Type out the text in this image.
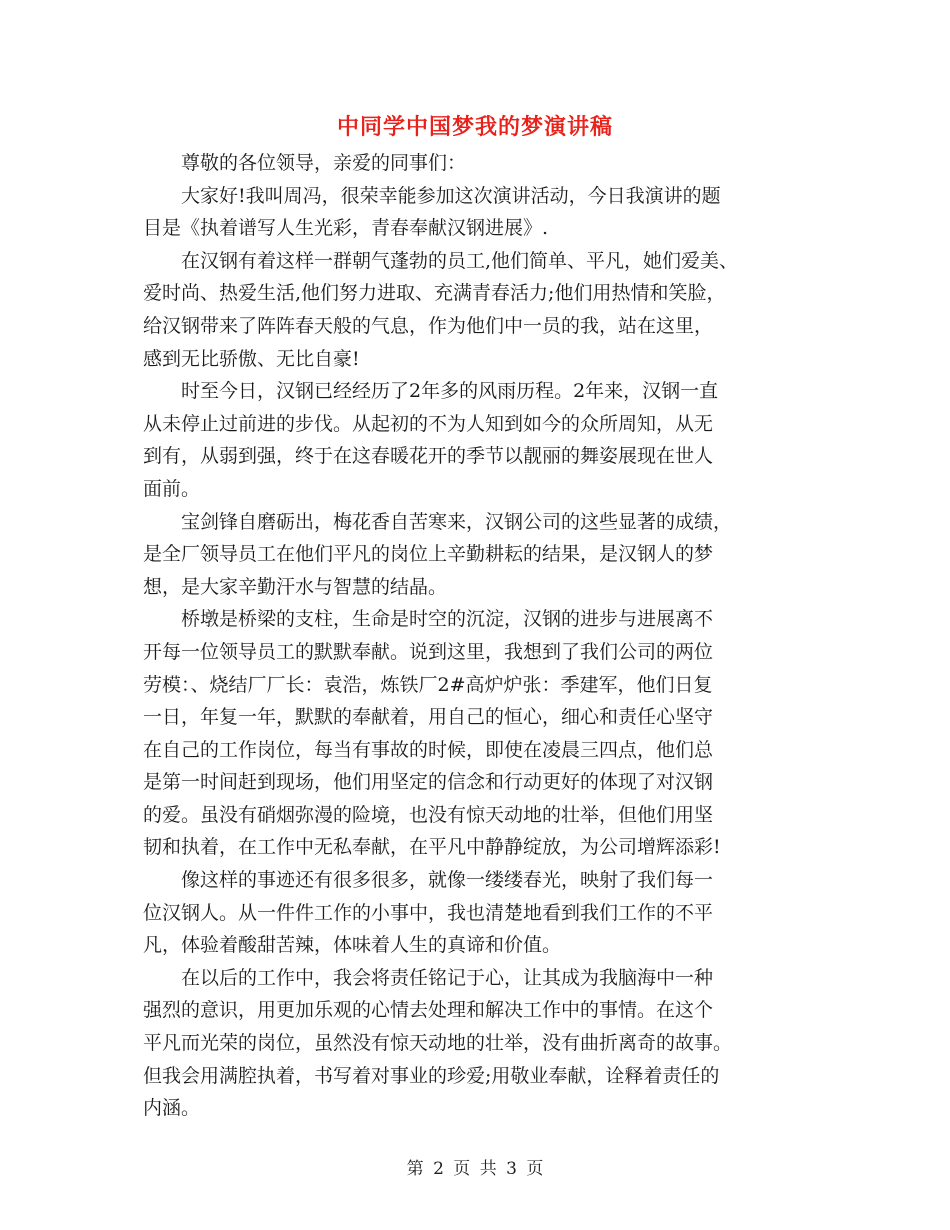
中同学中国梦我的梦演讲稿

尊敬的各位领导，亲爱的同事们：

大家好!我叫周冯，很荣幸能参加这次演讲活动，今日我演讲的题
目是《执着谱写人生光彩，青春奉献汉钢进展》.

在汉钢有着这样一群朝气蓬勃的员工,他们简单、平凡，她们爱美、
爱时尚、热爱生活,他们努力进取、充满青春活力;他们用热情和笑脸，
给汉钢带来了阵阵春天般的气息，作为他们中一员的我，站在这里，
感到无比骄傲、无比自豪!

时至今日，汉钢已经经历了2年多的风雨历程。2年来，汉钢一直
从未停止过前进的步伐。从起初的不为人知到如今的众所周知，从无
到有，从弱到强，终于在这春暖花开的季节以靓丽的舞姿展现在世人
面前。

宝剑锋自磨砺出，梅花香自苦寒来，汉钢公司的这些显著的成绩，
是全厂领导员工在他们平凡的岗位上辛勤耕耘的结果，是汉钢人的梦
想，是大家辛勤汗水与智慧的结晶。

桥墩是桥梁的支柱，生命是时空的沉淀，汉钢的进步与进展离不
开每一位领导员工的默默奉献。说到这里，我想到了我们公司的两位
劳模：、烧结厂厂长：袁浩，炼铁厂2#高炉炉张：季建军，他们日复
一日，年复一年，默默的奉献着，用自己的恒心，细心和责任心坚守
在自己的工作岗位，每当有事故的时候，即使在凌晨三四点，他们总
是第一时间赶到现场，他们用坚定的信念和行动更好的体现了对汉钢
的爱。虽没有硝烟弥漫的险境，也没有惊天动地的壮举，但他们用坚
韧和执着，在工作中无私奉献，在平凡中静静绽放，为公司增辉添彩!

像这样的事迹还有很多很多，就像一缕缕春光，映射了我们每一
位汉钢人。从一件件工作的小事中，我也清楚地看到我们工作的不平
凡，体验着酸甜苦辣，体味着人生的真谛和价值。

在以后的工作中，我会将责任铭记于心，让其成为我脑海中一种
强烈的意识，用更加乐观的心情去处理和解决工作中的事情。在这个
平凡而光荣的岗位，虽然没有惊天动地的壮举，没有曲折离奇的故事。
但我会用满腔执着，书写着对事业的珍爱;用敬业奉献，诠释着责任的
内涵。

第 2 页 共 3 页
